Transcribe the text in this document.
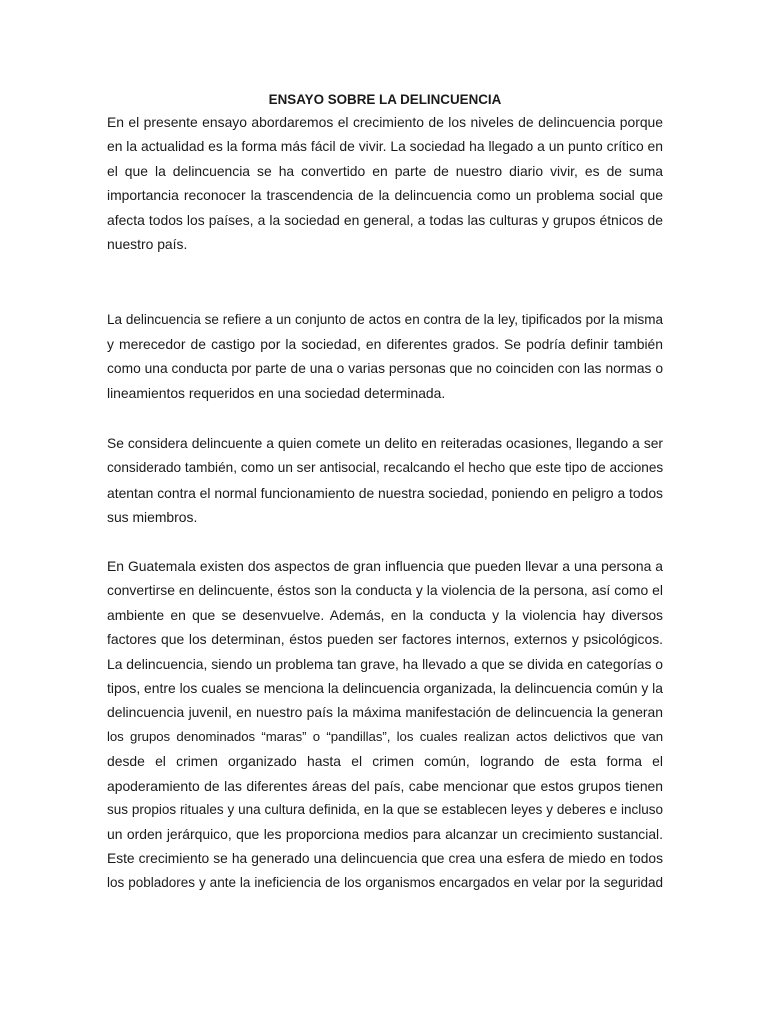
ENSAYO SOBRE LA DELINCUENCIA

En el presente ensayo abordaremos el crecimiento de los niveles de delincuencia porque
en la actualidad es la forma más fácil de vivir. La sociedad ha llegado a un punto crítico en
el que la delincuencia se ha convertido en parte de nuestro diario vivir, es de suma
importancia reconocer la trascendencia de la delincuencia como un problema social que
afecta todos los países, a la sociedad en general, a todas las culturas y grupos étnicos de
nuestro país.

La delincuencia se refiere a un conjunto de actos en contra de la ley, tipificados por la misma
y merecedor de castigo por la sociedad, en diferentes grados. Se podría definir también
como una conducta por parte de una o varias personas que no coinciden con las normas o
lineamientos requeridos en una sociedad determinada.

Se considera delincuente a quien comete un delito en reiteradas ocasiones, llegando a ser
considerado también, como un ser antisocial, recalcando el hecho que este tipo de acciones
atentan contra el normal funcionamiento de nuestra sociedad, poniendo en peligro a todos
sus miembros.

En Guatemala existen dos aspectos de gran influencia que pueden llevar a una persona a
convertirse en delincuente, éstos son la conducta y la violencia de la persona, así como el
ambiente en que se desenvuelve. Además, en la conducta y la violencia hay diversos
factores que los determinan, éstos pueden ser factores internos, externos y psicológicos.
La delincuencia, siendo un problema tan grave, ha llevado a que se divida en categorías o
tipos, entre los cuales se menciona la delincuencia organizada, la delincuencia común y la
delincuencia juvenil, en nuestro país la máxima manifestación de delincuencia la generan
los grupos denominados “maras” o “pandillas”, los cuales realizan actos delictivos que van
desde el crimen organizado hasta el crimen común, logrando de esta forma el
apoderamiento de las diferentes áreas del país, cabe mencionar que estos grupos tienen
sus propios rituales y una cultura definida, en la que se establecen leyes y deberes e incluso
un orden jerárquico, que les proporciona medios para alcanzar un crecimiento sustancial.
Este crecimiento se ha generado una delincuencia que crea una esfera de miedo en todos
los pobladores y ante la ineficiencia de los organismos encargados en velar por la seguridad
